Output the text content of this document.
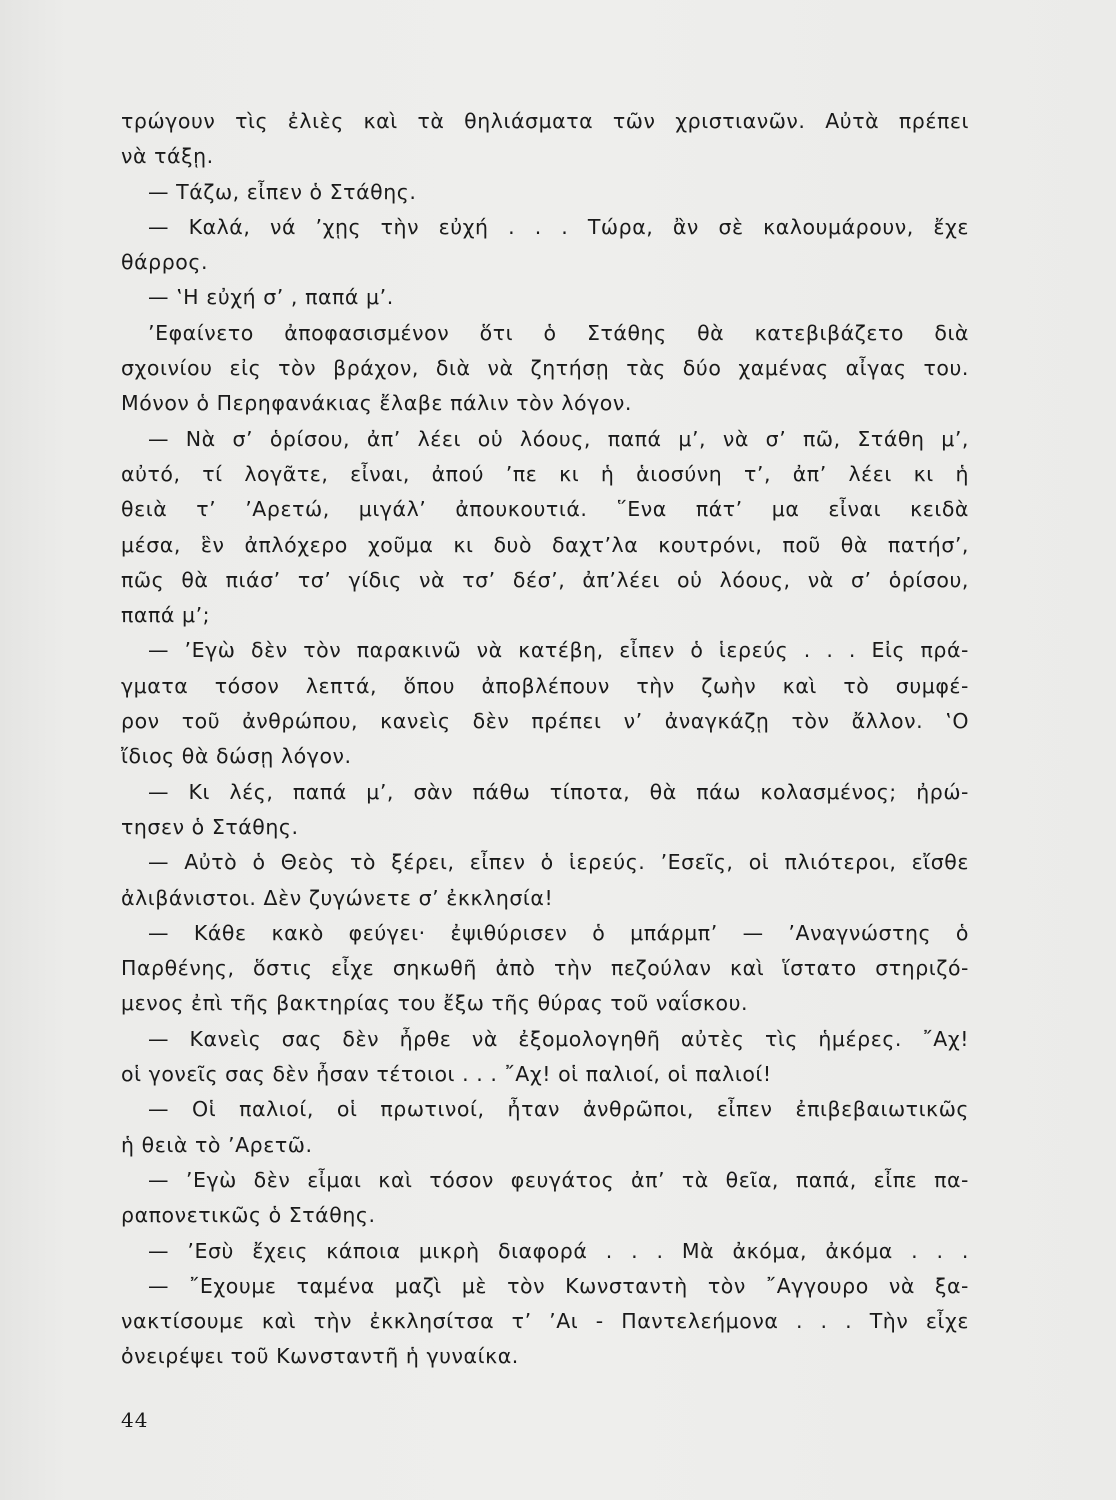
τρώγουν τὶς ἐλιὲς καὶ τὰ θηλιάσματα τῶν χριστιανῶν. Αὐτὰ πρέπει
νὰ τάξῃ.
— Τάζω, εἶπεν ὁ Στάθης.
— Καλά, νά ’χῃς τὴν εὐχή . . . Τώρα, ἂν σὲ καλουμάρουν, ἔχε
θάρρος.
— ‛Η εὐχή σ’ , παπά μ’.
’Εφαίνετο ἀποφασισμένον ὅτι ὁ Στάθης θὰ κατεβιβάζετο διὰ
σχοινίου εἰς τὸν βράχον, διὰ νὰ ζητήσῃ τὰς δύο χαμένας αἶγας του.
Μόνον ὁ Περηφανάκιας ἔλαβε πάλιν τὸν λόγον.
— Νὰ σ’ ὁρίσου, ἀπ’ λέει οὑ λόους, παπά μ’, νὰ σ’ πῶ, Στάθη μ’,
αὐτό, τί λογᾶτε, εἶναι, ἀπού ’πε κι ἡ ἁιοσύνη τ’, ἀπ’ λέει κι ἡ
θειὰ τ’ ’Αρετώ, μιγάλ’ ἀπουκουτιά. ῞Ενα πάτ’ μα εἶναι κειδὰ
μέσα, ἓν ἀπλόχερο χοῦμα κι δυὸ δαχτ’λα κουτρόνι, ποῦ θὰ πατήσ’,
πῶς θὰ πιάσ’ τσ’ γίδις νὰ τσ’ δέσ’, ἀπ’λέει οὑ λόους, νὰ σ’ ὁρίσου,
παπά μ’;
— ’Εγὼ δὲν τὸν παρακινῶ νὰ κατέβη, εἶπεν ὁ ἱερεύς . . . Εἰς πρά-
γματα τόσον λεπτά, ὅπου ἀποβλέπουν τὴν ζωὴν καὶ τὸ συμφέ-
ρον τοῦ ἀνθρώπου, κανεὶς δὲν πρέπει ν’ ἀναγκάζῃ τὸν ἄλλον. ‛Ο
ἴδιος θὰ δώσῃ λόγον.
— Κι λές, παπά μ’, σὰν πάθω τίποτα, θὰ πάω κολασμένος; ἠρώ-
τησεν ὁ Στάθης.
— Αὐτὸ ὁ Θεὸς τὸ ξέρει, εἶπεν ὁ ἱερεύς. ’Εσεῖς, οἱ πλιότεροι, εἴσθε
ἀλιβάνιστοι. Δὲν ζυγώνετε σ’ ἐκκλησία!
— Κάθε κακὸ φεύγει· ἐψιθύρισεν ὁ μπάρμπ’ — ’Αναγνώστης ὁ
Παρθένης, ὅστις εἶχε σηκωθῆ ἀπὸ τὴν πεζούλαν καὶ ἵστατο στηριζό-
μενος ἐπὶ τῆς βακτηρίας του ἔξω τῆς θύρας τοῦ ναΐσκου.
— Κανεὶς σας δὲν ἦρθε νὰ ἐξομολογηθῆ αὐτὲς τὶς ἡμέρες. ῎Αχ!
οἱ γονεῖς σας δὲν ἦσαν τέτοιοι . . . ῎Αχ! οἱ παλιοί, οἱ παλιοί!
— Οἱ παλιοί, οἱ πρωτινοί, ἦταν ἀνθρῶποι, εἶπεν ἐπιβεβαιωτικῶς
ἡ θειὰ τὸ ’Αρετῶ.
— ’Εγὼ δὲν εἶμαι καὶ τόσον φευγάτος ἀπ’ τὰ θεῖα, παπά, εἶπε πα-
ραπονετικῶς ὁ Στάθης.
— ’Εσὺ ἔχεις κάποια μικρὴ διαφορά . . . Μὰ ἀκόμα, ἀκόμα . . .
— ῎Εχουμε ταμένα μαζὶ μὲ τὸν Κωνσταντὴ τὸν ῎Αγγουρο νὰ ξα-
νακτίσουμε καὶ τὴν ἐκκλησίτσα τ’ ’Αι - Παντελεήμονα . . . Τὴν εἶχε
ὀνειρέψει τοῦ Κωνσταντῆ ἡ γυναίκα.
44
